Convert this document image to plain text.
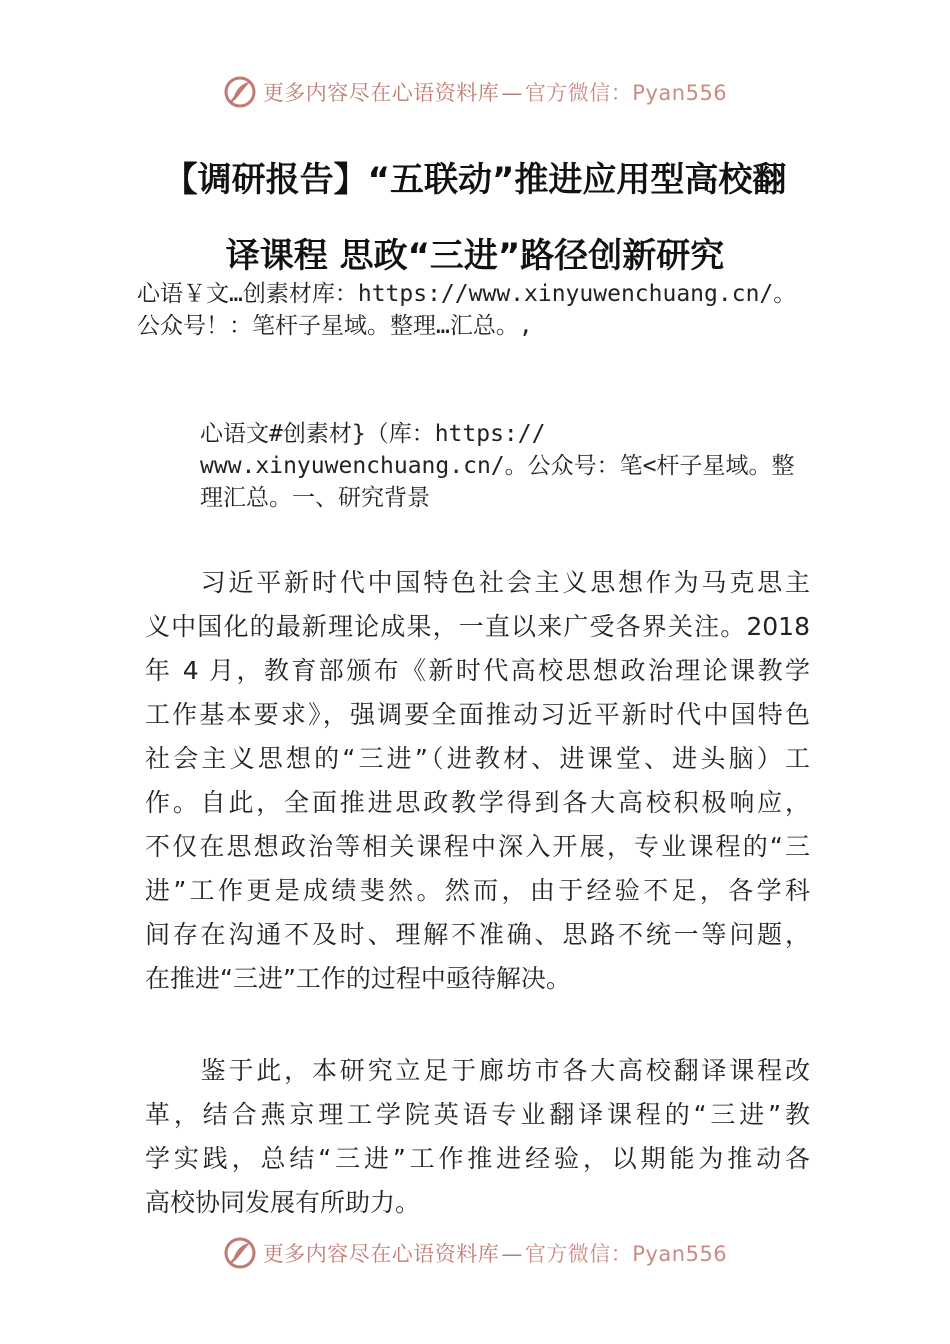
更多内容尽在心语资料库—官方微信：Pyan556
【调研报告】“五联动”推进应用型高校翻
译课程 思政“三进”路径创新研究
心语￥文…创素材库：https://www.xinyuwenchuang.cn/。
公众号！：笔杆子星域。整理…汇总。,
心语文#创素材}（库：https://
www.xinyuwenchuang.cn/。公众号：笔<杆子星域。整
理汇总。一、研究背景
　　习近平新时代中国特色社会主义思想作为马克思主
义中国化的最新理论成果，一直以来广受各界关注。2018
年 4 月，教育部颁布《新时代高校思想政治理论课教学
工作基本要求》，强调要全面推动习近平新时代中国特色
社会主义思想的“三进”（进教材、进课堂、进头脑）工
作。自此，全面推进思政教学得到各大高校积极响应，
不仅在思想政治等相关课程中深入开展，专业课程的“三
进”工作更是成绩斐然。然而，由于经验不足，各学科
间存在沟通不及时、理解不准确、思路不统一等问题，
在推进“三进”工作的过程中亟待解决。
　　鉴于此，本研究立足于廊坊市各大高校翻译课程改
革，结合燕京理工学院英语专业翻译课程的“三进”教
学实践，总结“三进”工作推进经验，以期能为推动各
高校协同发展有所助力。
更多内容尽在心语资料库—官方微信：Pyan556
